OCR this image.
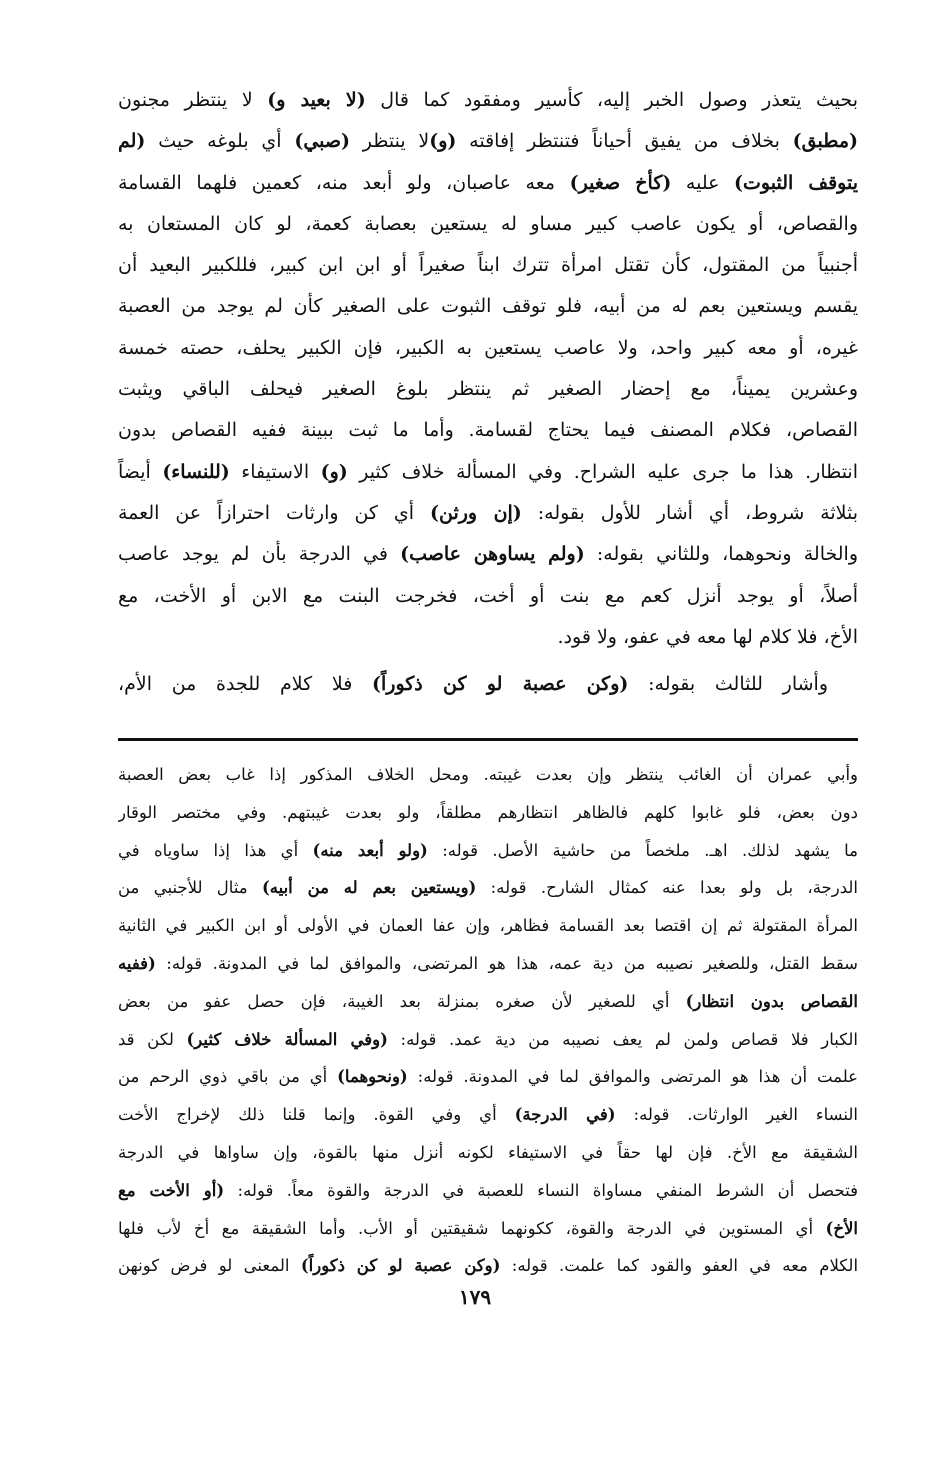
بحيث يتعذر وصول الخبر إليه، كأسير ومفقود كما قال (لا بعيد و) لا ينتظر مجنون
(مطبق) بخلاف من يفيق أحياناً فتنتظر إفاقته (و)لا ينتظر (صبي) أي بلوغه حيث (لم
يتوقف الثبوت) عليه (كأخ صغير) معه عاصبان، ولو أبعد منه، كعمين فلهما القسامة
والقصاص، أو يكون عاصب كبير مساو له يستعين بعصابة كعمة، لو كان المستعان به
أجنبياً من المقتول، كأن تقتل امرأة تترك ابناً صغيراً أو ابن ابن كبير، فللكبير البعيد أن
يقسم ويستعين بعم له من أبيه، فلو توقف الثبوت على الصغير كأن لم يوجد من العصبة
غيره، أو معه كبير واحد، ولا عاصب يستعين به الكبير، فإن الكبير يحلف، حصته خمسة
وعشرين يميناً، مع إحضار الصغير ثم ينتظر بلوغ الصغير فيحلف الباقي ويثبت
القصاص، فكلام المصنف فيما يحتاج لقسامة. وأما ما ثبت ببينة ففيه القصاص بدون
انتظار. هذا ما جرى عليه الشراح. وفي المسألة خلاف كثير (و) الاستيفاء (للنساء) أيضاً
بثلاثة شروط، أي أشار للأول بقوله: (إن ورثن) أي كن وارثات احترازاً عن العمة
والخالة ونحوهما، وللثاني بقوله: (ولم يساوهن عاصب) في الدرجة بأن لم يوجد عاصب
أصلاً، أو يوجد أنزل كعم مع بنت أو أخت، فخرجت البنت مع الابن أو الأخت، مع
الأخ، فلا كلام لها معه في عفو، ولا قود.
وأشار للثالث بقوله: (وكن عصبة لو كن ذكوراً) فلا كلام للجدة من الأم،
وأبي عمران أن الغائب ينتظر وإن بعدت غيبته. ومحل الخلاف المذكور إذا غاب بعض العصبة
دون بعض، فلو غابوا كلهم فالظاهر انتظارهم مطلقاً، ولو بعدت غيبتهم. وفي مختصر الوقار
ما يشهد لذلك. اهـ. ملخصاً من حاشية الأصل. قوله: (ولو أبعد منه) أي هذا إذا ساوياه في
الدرجة، بل ولو بعدا عنه كمثال الشارح. قوله: (ويستعين بعم له من أبيه) مثال للأجنبي من
المرأة المقتولة ثم إن اقتصا بعد القسامة فظاهر، وإن عفا العمان في الأولى أو ابن الكبير في الثانية
سقط القتل، وللصغير نصيبه من دية عمه، هذا هو المرتضى، والموافق لما في المدونة. قوله: (ففيه
القصاص بدون انتظار) أي للصغير لأن صغره بمنزلة بعد الغيبة، فإن حصل عفو من بعض
الكبار فلا قصاص ولمن لم يعف نصيبه من دية عمد. قوله: (وفي المسألة خلاف كثير) لكن قد
علمت أن هذا هو المرتضى والموافق لما في المدونة. قوله: (ونحوهما) أي من باقي ذوي الرحم من
النساء الغير الوارثات. قوله: (في الدرجة) أي وفي القوة. وإنما قلنا ذلك لإخراج الأخت
الشقيقة مع الأخ. فإن لها حقاً في الاستيفاء لكونه أنزل منها بالقوة، وإن ساواها في الدرجة
فتحصل أن الشرط المنفي مساواة النساء للعصبة في الدرجة والقوة معاً. قوله: (أو الأخت مع
الأخ) أي المستوين في الدرجة والقوة، ككونهما شقيقتين أو الأب. وأما الشقيقة مع أخ لأب فلها
الكلام معه في العفو والقود كما علمت. قوله: (وكن عصبة لو كن ذكوراً) المعنى لو فرض كونهن
١٧٩
